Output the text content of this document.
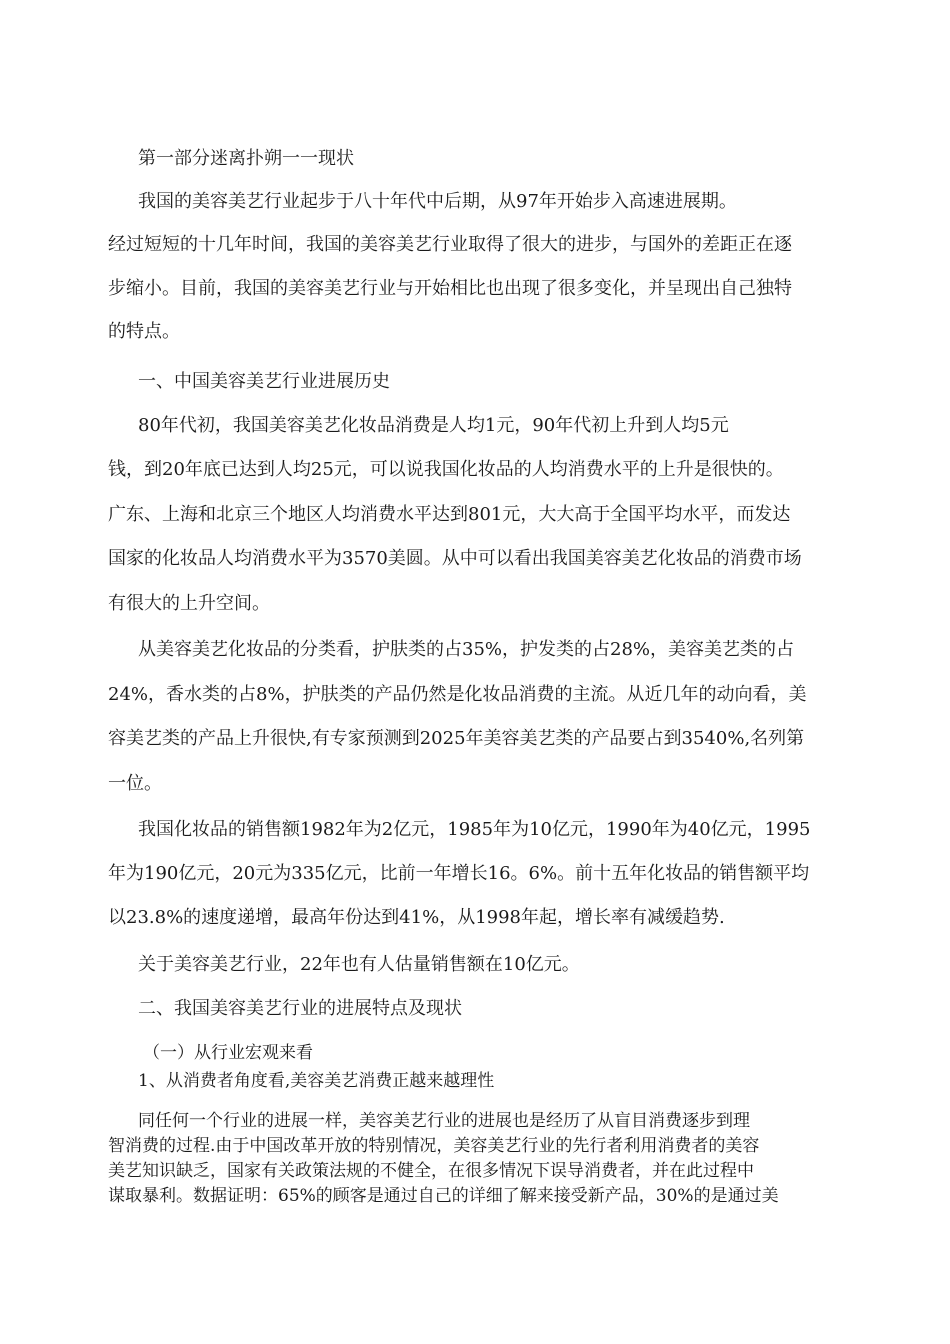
第一部分迷离扑朔一一现状

我国的美容美艺行业起步于八十年代中后期，从97年开始步入高速进展期。

经过短短的十几年时间，我国的美容美艺行业取得了很大的进步，与国外的差距正在逐

步缩小。目前，我国的美容美艺行业与开始相比也出现了很多变化，并呈现出自己独特

的特点。

一、中国美容美艺行业进展历史

80年代初，我国美容美艺化妆品消费是人均1元，90年代初上升到人均5元

钱，到20年底已达到人均25元，可以说我国化妆品的人均消费水平的上升是很快的。

广东、上海和北京三个地区人均消费水平达到801元，大大高于全国平均水平，而发达

国家的化妆品人均消费水平为3570美圆。从中可以看出我国美容美艺化妆品的消费市场

有很大的上升空间。

从美容美艺化妆品的分类看，护肤类的占35%，护发类的占28%，美容美艺类的占

24%，香水类的占8%，护肤类的产品仍然是化妆品消费的主流。从近几年的动向看，美

容美艺类的产品上升很快,有专家预测到2025年美容美艺类的产品要占到3540%,名列第

一位。

我国化妆品的销售额1982年为2亿元，1985年为10亿元，1990年为40亿元，1995

年为190亿元，20元为335亿元，比前一年增长16。6%。前十五年化妆品的销售额平均

以23.8%的速度递增，最高年份达到41%，从1998年起，增长率有减缓趋势.

关于美容美艺行业，22年也有人估量销售额在10亿元。

二、我国美容美艺行业的进展特点及现状

（一）从行业宏观来看

1、从消费者角度看,美容美艺消费正越来越理性

同任何一个行业的进展一样，美容美艺行业的进展也是经历了从盲目消费逐步到理

智消费的过程.由于中国改革开放的特别情况，美容美艺行业的先行者利用消费者的美容

美艺知识缺乏，国家有关政策法规的不健全，在很多情况下误导消费者，并在此过程中

谋取暴利。数据证明：65%的顾客是通过自己的详细了解来接受新产品，30%的是通过美
